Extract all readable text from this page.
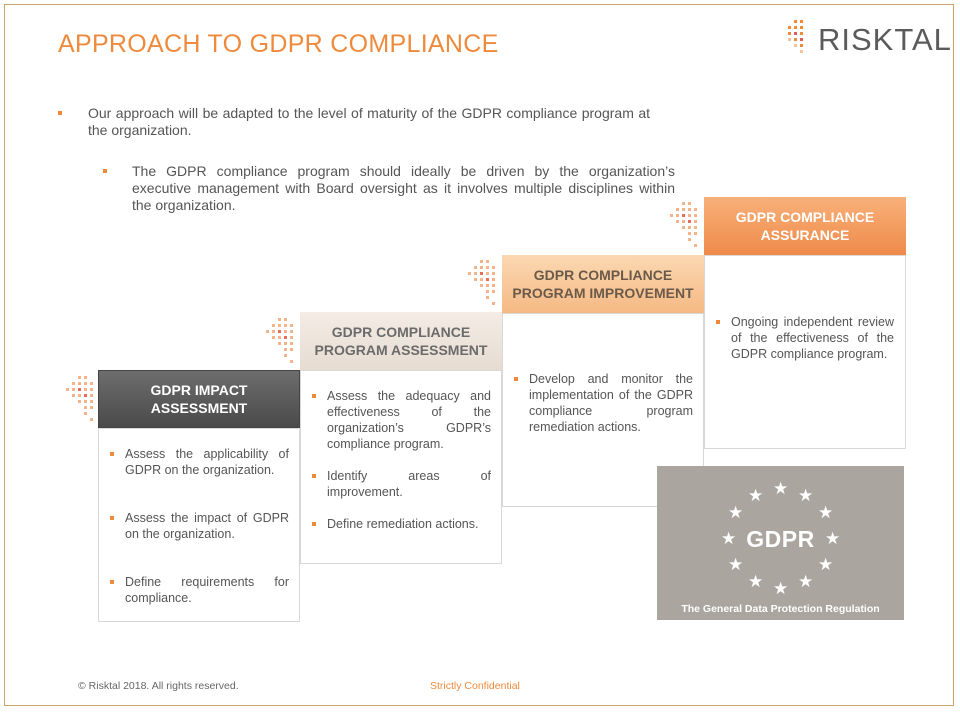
APPROACH TO GDPR COMPLIANCE	RISKTAL
Our approach will be adapted to the level of maturity of the GDPR compliance program at the organization.
The GDPR compliance program should ideally be driven by the organization’s executive management with Board oversight as it involves multiple disciplines within the organization.
GDPR IMPACT ASSESSMENT
Assess the applicability of GDPR on the organization.
Assess the impact of GDPR on the organization.
Define requirements for compliance.
GDPR COMPLIANCE PROGRAM ASSESSMENT
Assess the adequacy and effectiveness of the organization’s GDPR’s compliance program.
Identify areas of improvement.
Define remediation actions.
GDPR COMPLIANCE PROGRAM IMPROVEMENT
Develop and monitor the implementation of the GDPR compliance program remediation actions.
GDPR COMPLIANCE ASSURANCE
Ongoing independent review of the effectiveness of the GDPR compliance program.
★ ★
★
★
★
★
★
★
★
★
★
★
GDPR
The General Data Protection Regulation
© Risktal 2018. All rights reserved.	Strictly Confidential
